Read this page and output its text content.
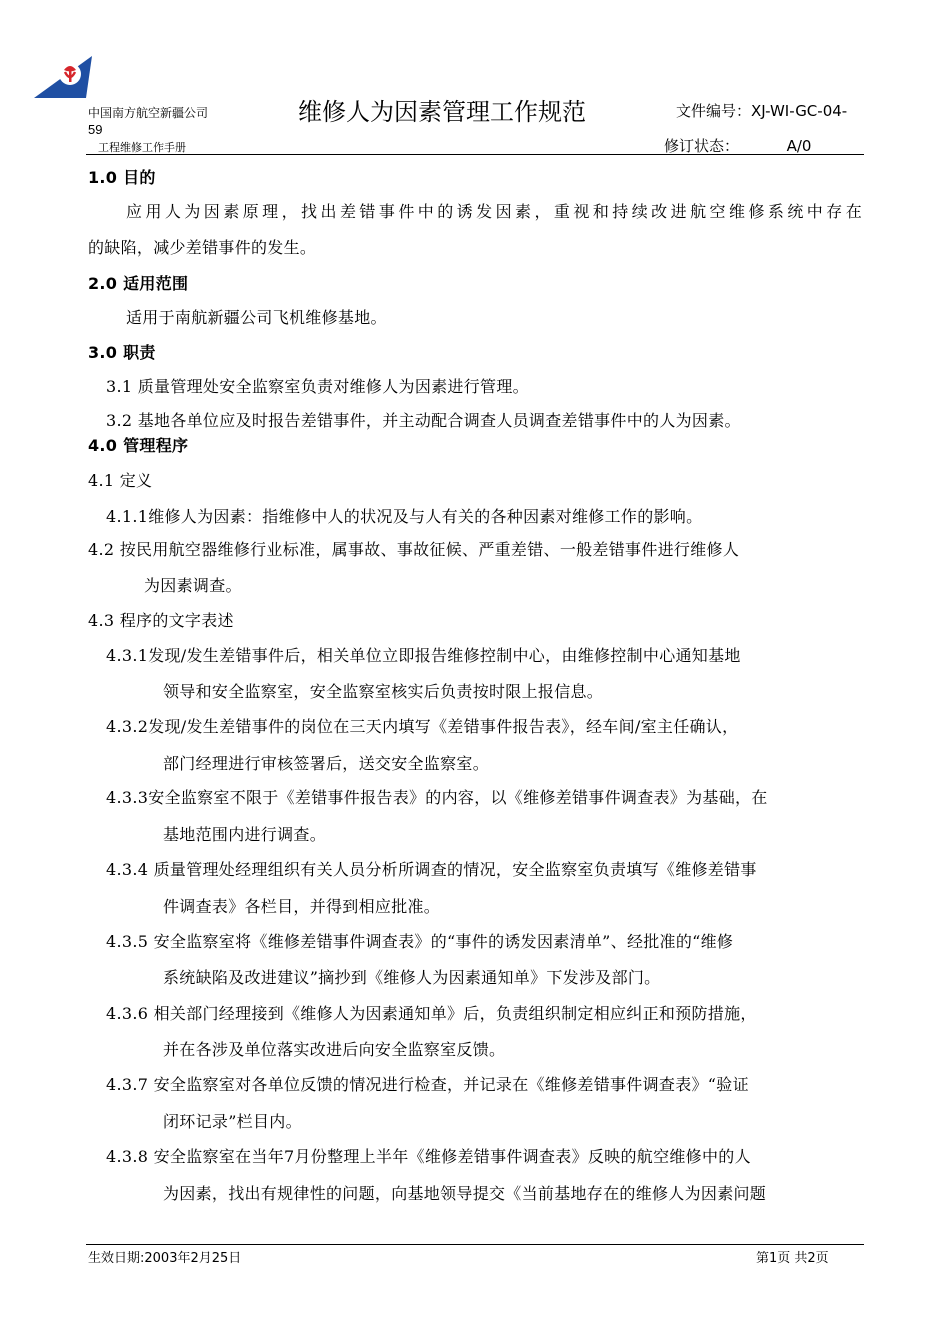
中国南方航空新疆公司	维修人为因素管理工作规范	文件编号：XJ-WI-GC-04-
59
工程维修工作手册	修订状态：	A/0
1.0 目的
应用人为因素原理，找出差错事件中的诱发因素，重视和持续改进航空维修系统中存在
的缺陷，减少差错事件的发生。
2.0 适用范围
适用于南航新疆公司飞机维修基地。
3.0 职责
3.1 质量管理处安全监察室负责对维修人为因素进行管理。
3.2 基地各单位应及时报告差错事件，并主动配合调查人员调查差错事件中的人为因素。
4.0 管理程序
4.1 定义
4.1.1维修人为因素：指维修中人的状况及与人有关的各种因素对维修工作的影响。
4.2 按民用航空器维修行业标准，属事故、事故征候、严重差错、一般差错事件进行维修人
为因素调查。
4.3 程序的文字表述
4.3.1发现/发生差错事件后，相关单位立即报告维修控制中心，由维修控制中心通知基地
领导和安全监察室，安全监察室核实后负责按时限上报信息。
4.3.2发现/发生差错事件的岗位在三天内填写《差错事件报告表》，经车间/室主任确认，
部门经理进行审核签署后，送交安全监察室。
4.3.3安全监察室不限于《差错事件报告表》的内容，以《维修差错事件调查表》为基础，在
基地范围内进行调查。
4.3.4 质量管理处经理组织有关人员分析所调查的情况，安全监察室负责填写《维修差错事
件调查表》各栏目，并得到相应批准。
4.3.5 安全监察室将《维修差错事件调查表》的“事件的诱发因素清单”、经批准的“维修
系统缺陷及改进建议”摘抄到《维修人为因素通知单》下发涉及部门。
4.3.6 相关部门经理接到《维修人为因素通知单》后，负责组织制定相应纠正和预防措施，
并在各涉及单位落实改进后向安全监察室反馈。
4.3.7 安全监察室对各单位反馈的情况进行检查，并记录在《维修差错事件调查表》“验证
闭环记录”栏目内。
4.3.8 安全监察室在当年7月份整理上半年《维修差错事件调查表》反映的航空维修中的人
为因素，找出有规律性的问题，向基地领导提交《当前基地存在的维修人为因素问题
生效日期:2003年2月25日	第1页 共2页
